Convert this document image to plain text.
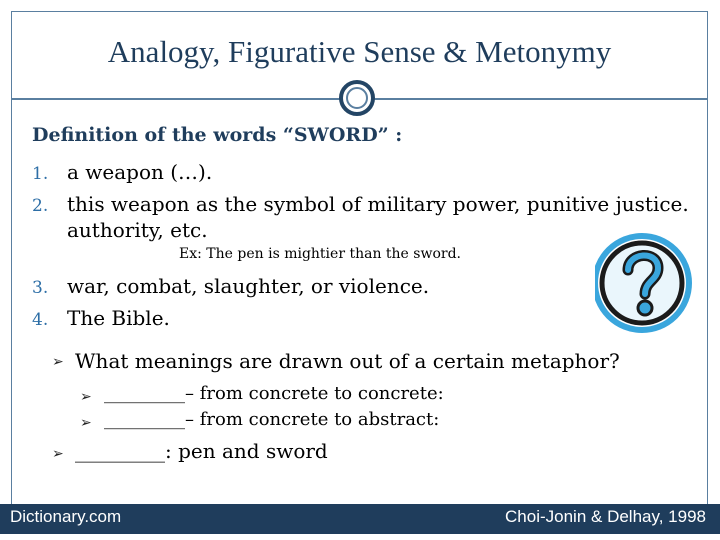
Analogy, Figurative Sense & Metonymy
Definition of the words “SWORD” :
1. a weapon (…).
2. this weapon as the symbol of military power, punitive justice.
authority, etc.
Ex: The pen is mightier than the sword.
3. war, combat, slaughter, or violence.
4. The Bible.
➢ What meanings are drawn out of a certain metaphor?
➢ _________– from concrete to concrete:
➢ _________– from concrete to abstract:
➢ _________: pen and sword
Dictionary.com	Choi-Jonin & Delhay, 1998
